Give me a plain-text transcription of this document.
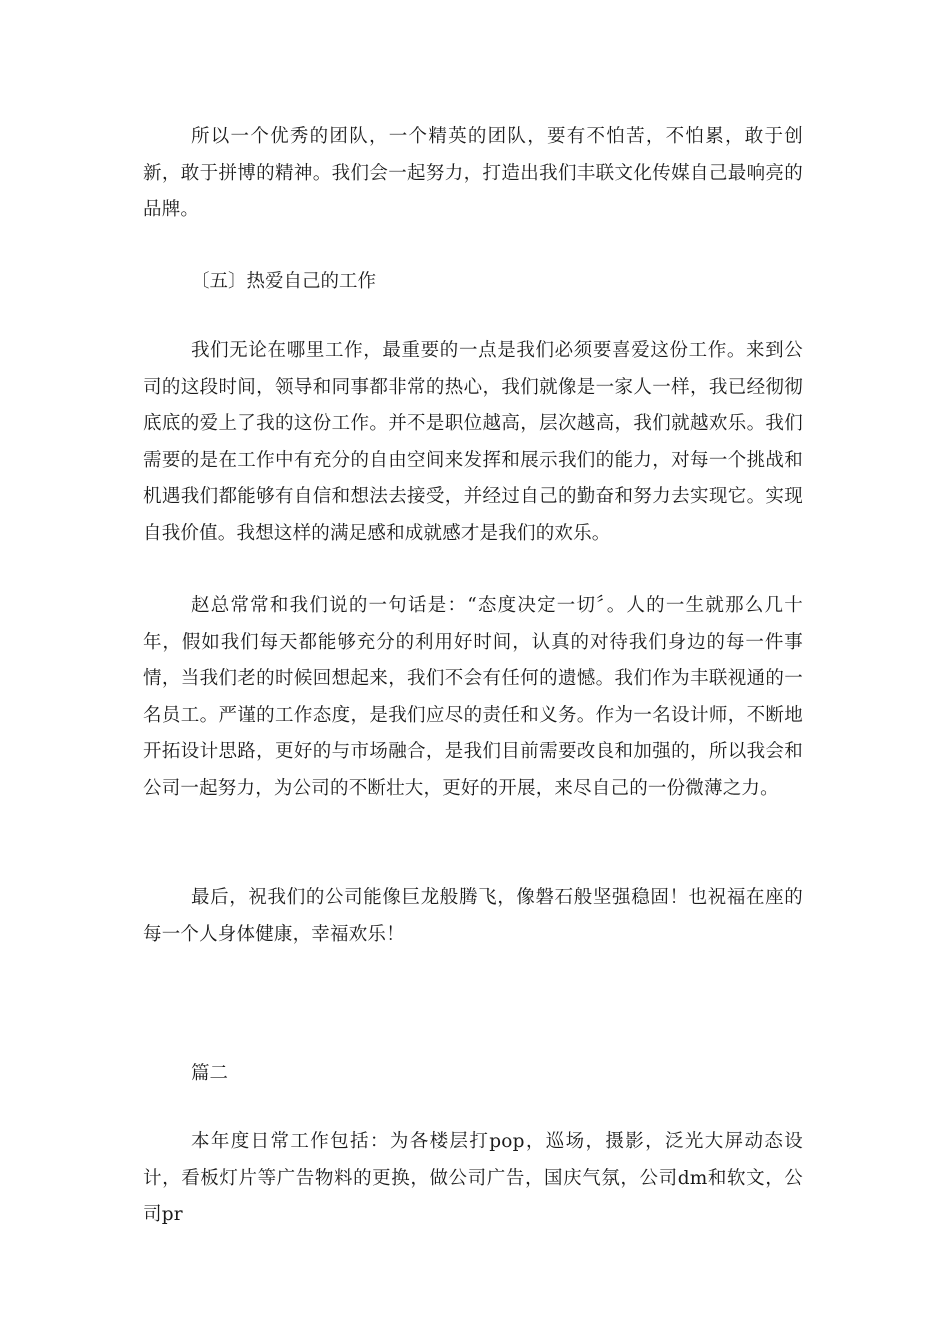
所以一个优秀的团队，一个精英的团队，要有不怕苦，不怕累，敢于创新，敢于拼博的精神。我们会一起努力，打造出我们丰联文化传媒自己最响亮的品牌。

〔五〕热爱自己的工作

我们无论在哪里工作，最重要的一点是我们必须要喜爱这份工作。来到公司的这段时间，领导和同事都非常的热心，我们就像是一家人一样，我已经彻彻底底的爱上了我的这份工作。并不是职位越高，层次越高，我们就越欢乐。我们需要的是在工作中有充分的自由空间来发挥和展示我们的能力，对每一个挑战和机遇我们都能够有自信和想法去接受，并经过自己的勤奋和努力去实现它。实现自我价值。我想这样的满足感和成就感才是我们的欢乐。

赵总常常和我们说的一句话是：“态度决定一切〞。人的一生就那么几十年，假如我们每天都能够充分的利用好时间，认真的对待我们身边的每一件事情，当我们老的时候回想起来，我们不会有任何的遗憾。我们作为丰联视通的一名员工。严谨的工作态度，是我们应尽的责任和义务。作为一名设计师，不断地开拓设计思路，更好的与市场融合，是我们目前需要改良和加强的，所以我会和公司一起努力，为公司的不断壮大，更好的开展，来尽自己的一份微薄之力。

最后，祝我们的公司能像巨龙般腾飞，像磐石般坚强稳固！也祝福在座的每一个人身体健康，幸福欢乐！

篇二

本年度日常工作包括：为各楼层打pop，巡场，摄影，泛光大屏动态设计，看板灯片等广告物料的更换，做公司广告，国庆气氛，公司dm和软文，公司pr
